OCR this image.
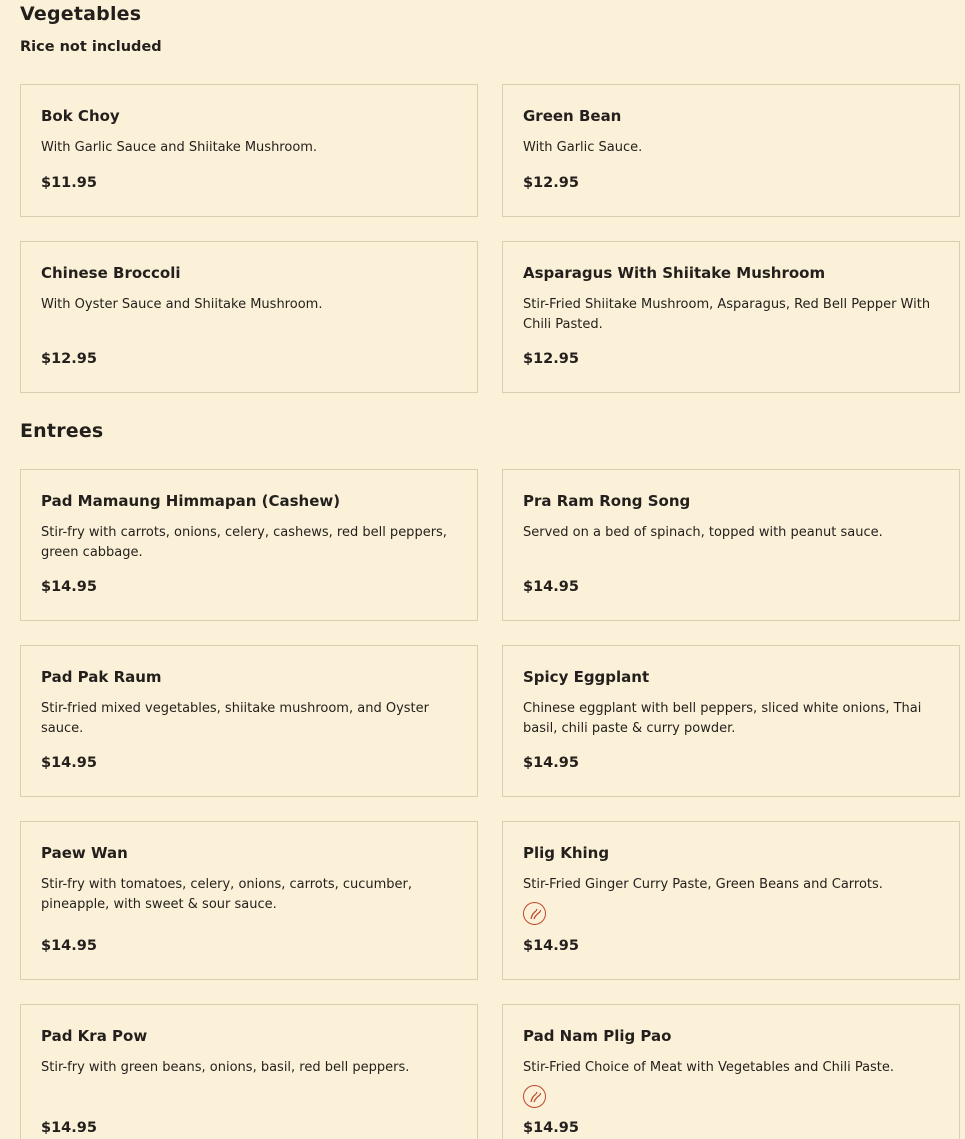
Vegetables
Rice not included
Bok Choy
With Garlic Sauce and Shiitake Mushroom.
$11.95
Green Bean
With Garlic Sauce.
$12.95
Chinese Broccoli
With Oyster Sauce and Shiitake Mushroom.
$12.95
Asparagus With Shiitake Mushroom
Stir-Fried Shiitake Mushroom, Asparagus, Red Bell Pepper With Chili Pasted.
$12.95
Entrees
Pad Mamaung Himmapan (Cashew)
Stir-fry with carrots, onions, celery, cashews, red bell peppers, green cabbage.
$14.95
Pra Ram Rong Song
Served on a bed of spinach, topped with peanut sauce.
$14.95
Pad Pak Raum
Stir-fried mixed vegetables, shiitake mushroom, and Oyster sauce.
$14.95
Spicy Eggplant
Chinese eggplant with bell peppers, sliced white onions, Thai basil, chili paste & curry powder.
$14.95
Paew Wan
Stir-fry with tomatoes, celery, onions, carrots, cucumber, pineapple, with sweet & sour sauce.
$14.95
Plig Khing
Stir-Fried Ginger Curry Paste, Green Beans and Carrots.
$14.95
Pad Kra Pow
Stir-fry with green beans, onions, basil, red bell peppers.
$14.95
Pad Nam Plig Pao
Stir-Fried Choice of Meat with Vegetables and Chili Paste.
$14.95
